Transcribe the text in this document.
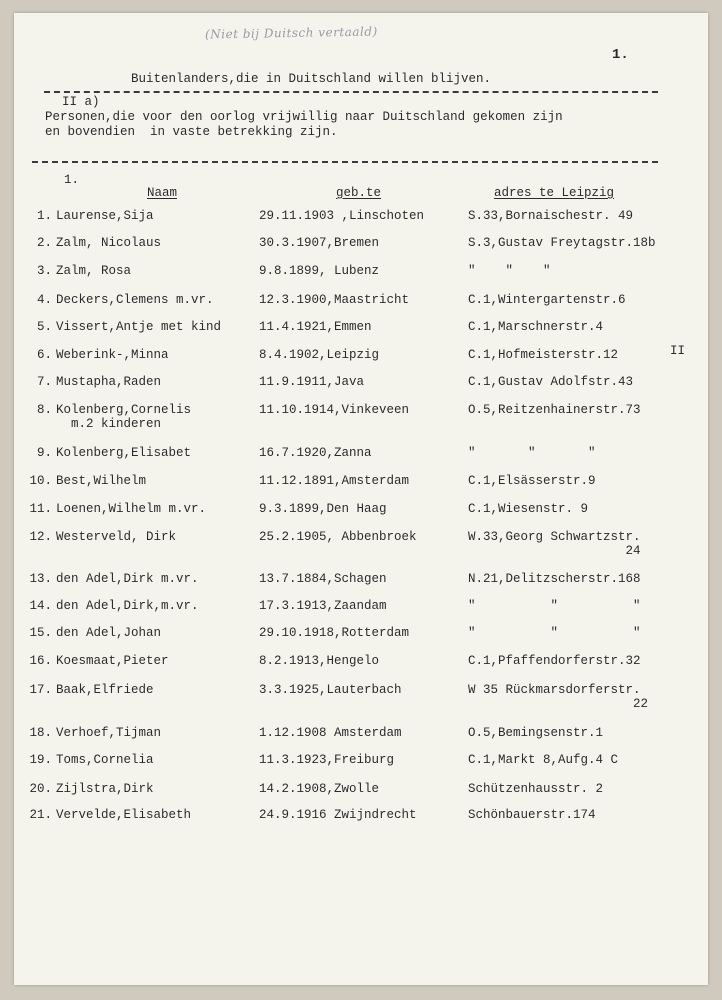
(Niet bij Duitsch vertaald)
1.
Buitenlanders,die in Duitschland willen blijven.
II a)
Personen,die voor den oorlog vrijwillig naar Duitschland gekomen zijn
en bovendien  in vaste betrekking zijn.
1.
Naam	geb.te	adres te Leipzig
1. Laurense,Sija	29.11.1903 ,Linschoten	S.33,Bornaischestr. 49
2. Zalm, Nicolaus	30.3.1907,Bremen	S.3,Gustav Freytagstr.18b
3. Zalm, Rosa	9.8.1899, Lubenz	"    "    "
4. Deckers,Clemens m.vr.	12.3.1900,Maastricht	C.1,Wintergartenstr.6
5. Vissert,Antje met kind	11.4.1921,Emmen	C.1,Marschnerstr.4
6. Weberink-,Minna	8.4.1902,Leipzig	C.1,Hofmeisterstr.12
7. Mustapha,Raden	11.9.1911,Java	C.1,Gustav Adolfstr.43
8. Kolenberg,Cornelis
m.2 kinderen
11.10.1914,Vinkeveen	O.5,Reitzenhainerstr.73
9. Kolenberg,Elisabet	16.7.1920,Zanna	"       "       "
10. Best,Wilhelm	11.12.1891,Amsterdam	C.1,Elsässerstr.9
11. Loenen,Wilhelm m.vr.	9.3.1899,Den Haag	C.1,Wiesenstr. 9
12. Westerveld, Dirk	25.2.1905, Abbenbroek	W.33,Georg Schwartzstr.
24
13. den Adel,Dirk m.vr.	13.7.1884,Schagen	N.21,Delitzscherstr.168
14. den Adel,Dirk,m.vr.	17.3.1913,Zaandam	"          "          "
15. den Adel,Johan	29.10.1918,Rotterdam	"          "          "
16. Koesmaat,Pieter	8.2.1913,Hengelo	C.1,Pfaffendorferstr.32
17. Baak,Elfriede	3.3.1925,Lauterbach	W 35 Rückmarsdorferstr.
22
18. Verhoef,Tijman	1.12.1908 Amsterdam	O.5,Bemingsenstr.1
19. Toms,Cornelia	11.3.1923,Freiburg	C.1,Markt 8,Aufg.4 C
20. Zijlstra,Dirk	14.2.1908,Zwolle	Schützenhausstr. 2
21. Vervelde,Elisabeth	24.9.1916 Zwijndrecht	Schönbauerstr.174
II
